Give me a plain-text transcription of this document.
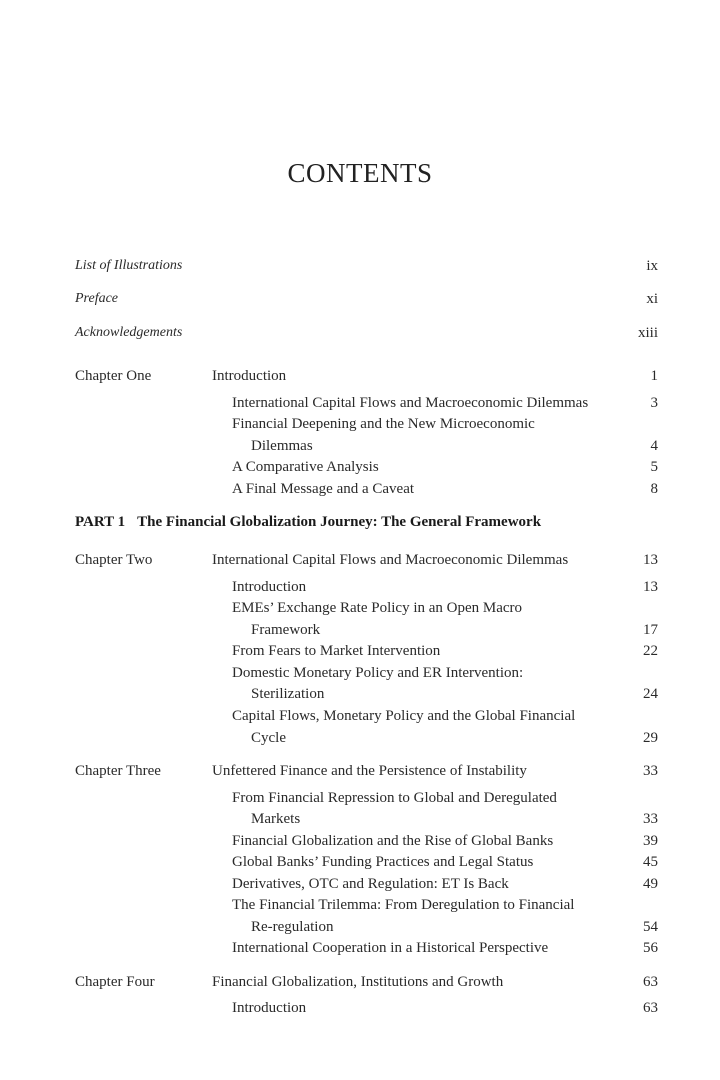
CONTENTS
List of Illustrations	ix
Preface	xi
Acknowledgements	xiii
Chapter One	Introduction	1
International Capital Flows and Macroeconomic Dilemmas	3
Financial Deepening and the New Microeconomic
Dilemmas	4
A Comparative Analysis	5
A Final Message and a Caveat	8
PART 1 The Financial Globalization Journey: The General Framework
Chapter Two	International Capital Flows and Macroeconomic Dilemmas	13
Introduction	13
EMEs’ Exchange Rate Policy in an Open Macro
Framework	17
From Fears to Market Intervention	22
Domestic Monetary Policy and ER Intervention:
Sterilization	24
Capital Flows, Monetary Policy and the Global Financial
Cycle	29
Chapter Three	Unfettered Finance and the Persistence of Instability	33
From Financial Repression to Global and Deregulated
Markets	33
Financial Globalization and the Rise of Global Banks	39
Global Banks’ Funding Practices and Legal Status	45
Derivatives, OTC and Regulation: ET Is Back	49
The Financial Trilemma: From Deregulation to Financial
Re-regulation	54
International Cooperation in a Historical Perspective	56
Chapter Four	Financial Globalization, Institutions and Growth	63
Introduction	63
